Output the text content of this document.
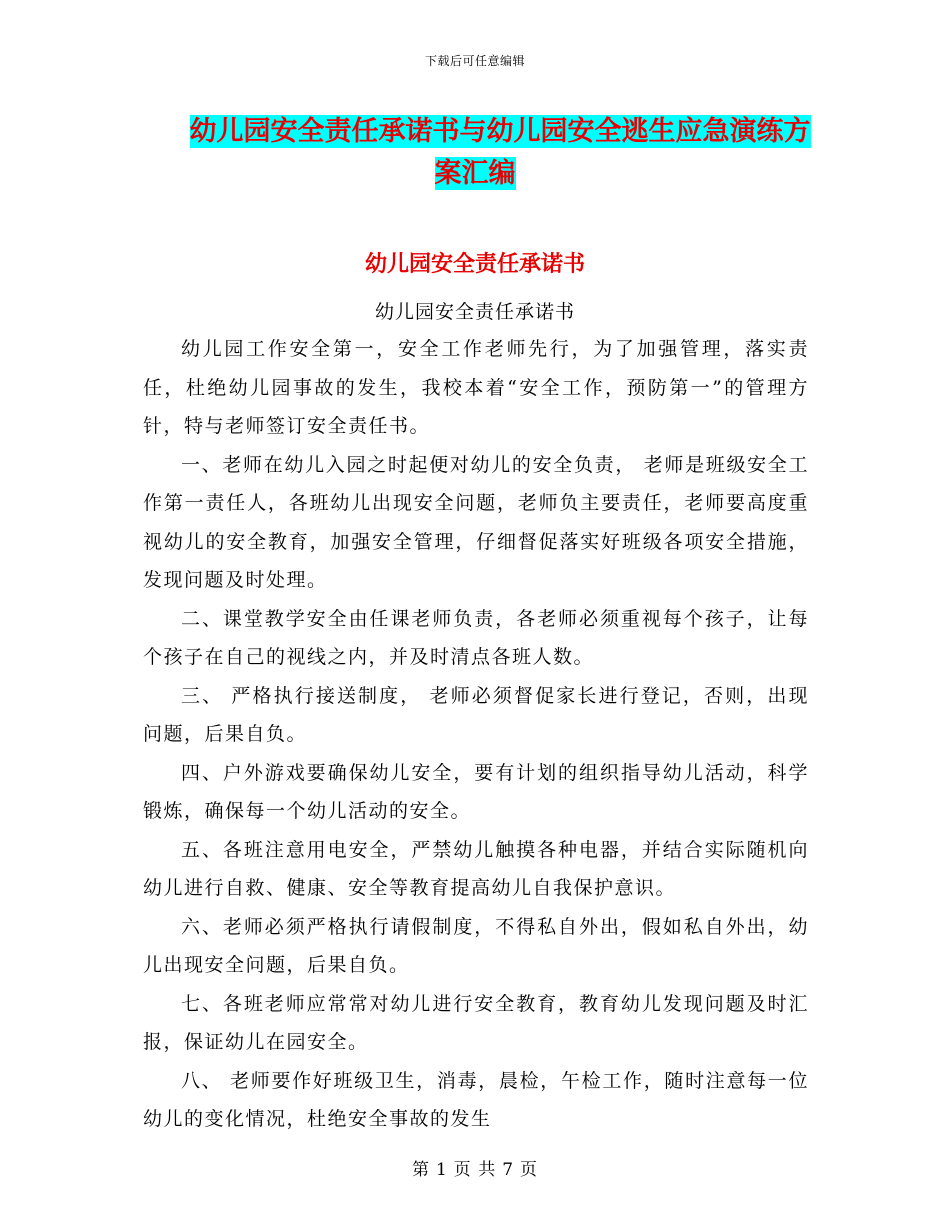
下载后可任意编辑
幼儿园安全责任承诺书与幼儿园安全逃生应急演练方
案汇编
幼儿园安全责任承诺书
幼儿园安全责任承诺书

幼儿园工作安全第一，安全工作老师先行，为了加强管理，落实责任，杜绝幼儿园事故的发生，我校本着“安全工作，预防第一”的管理方针，特与老师签订安全责任书。

一、老师在幼儿入园之时起便对幼儿的安全负责， 老师是班级安全工作第一责任人，各班幼儿出现安全问题，老师负主要责任，老师要高度重视幼儿的安全教育，加强安全管理，仔细督促落实好班级各项安全措施，发现问题及时处理。

二、课堂教学安全由任课老师负责，各老师必须重视每个孩子，让每个孩子在自己的视线之内，并及时清点各班人数。

三、 严格执行接送制度， 老师必须督促家长进行登记，否则，出现问题，后果自负。

四、户外游戏要确保幼儿安全，要有计划的组织指导幼儿活动，科学锻炼，确保每一个幼儿活动的安全。

五、各班注意用电安全，严禁幼儿触摸各种电器，并结合实际随机向幼儿进行自救、健康、安全等教育提高幼儿自我保护意识。

六、老师必须严格执行请假制度，不得私自外出，假如私自外出，幼儿出现安全问题，后果自负。

七、各班老师应常常对幼儿进行安全教育，教育幼儿发现问题及时汇报，保证幼儿在园安全。

八、 老师要作好班级卫生，消毒，晨检，午检工作，随时注意每一位幼儿的变化情况，杜绝安全事故的发生

第 1 页 共 7 页
